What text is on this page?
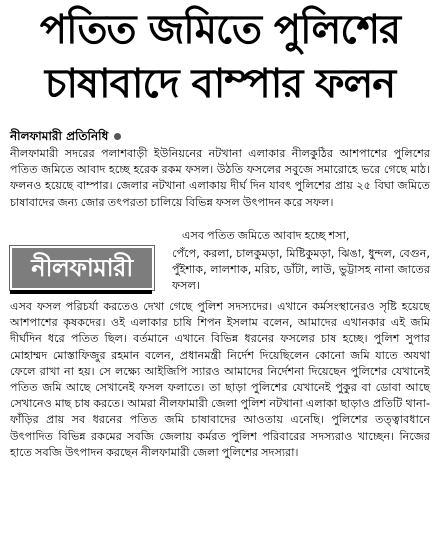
পতিত জমিতে পুলিশের
চাষাবাদে বাম্পার ফলন
নীলফামারী প্রতিনিধি
নীলফামারী সদরের পলাশবাড়ী ইউনিয়নের নটখানা এলাকার নীলকুঠির আশপাশের পুলিশের পতিত জমিতে আবাদ হচ্ছে হরেক রকম ফসল। উঠতি ফসলের সবুজে সমারোহে ভরে গেছে মাঠ। ফলনও হয়েছে বাম্পার। জেলার নটখানা এলাকায় দীর্ঘ দিন যাবৎ পুলিশের প্রায় ২৫ বিঘা জমিতে চাষাবাদের জন্য জোর তৎপরতা চালিয়ে বিভিন্ন ফসল উৎপাদন করে সফল।
এসব পতিত জমিতে আবাদ হচ্ছে শসা,
নীলফামারী
পেঁপে, করলা, চালকুমড়া, মিষ্টিকুমড়া, ঝিঙা, ধুন্দল, বেগুন, পুঁইশাক, লালশাক, মরিচ, ডাঁটা, লাউ, ভুট্টাসহ নানা জাতের ফসল।
এসব ফসল পরিচর্যা করতেও দেখা গেছে পুলিশ সদস্যদের। এখানে কর্মসংস্থানেরও সৃষ্টি হয়েছে আশপাশের কৃষকদের। ওই এলাকার চাষি শিপন ইসলাম বলেন, আমাদের এখানকার এই জমি দীর্ঘদিন ধরে পতিত ছিল। বর্তমানে এখানে বিভিন্ন ধরনের ফসলের চাষ হচ্ছে। পুলিশ সুপার মোহাম্মদ মোস্তাফিজুর রহমান বলেন, প্রধানমন্ত্রী নির্দেশ দিয়েছিলেন কোনো জমি যাতে অযথা ফেলে রাখা না হয়। সে লক্ষ্যে আইজিপি স্যারও আমাদের নির্দেশনা দিয়েছেন পুলিশের যেখানেই পতিত জমি আছে সেখানেই ফসল ফলাতে। তা ছাড়া পুলিশের যেখানেই পুকুর বা ডোবা আছে সেখানেও মাছ চাষ করতে। আমরা নীলফামারী জেলা পুলিশ নটখানা এলাকা ছাড়াও প্রতিটি থানা-ফাঁড়ির প্রায় সব ধরনের পতিত জমি চাষাবাদের আওতায় এনেছি। পুলিশের তত্ত্বাবধানে উৎপাদিত বিভিন্ন রকমের সবজি জেলায় কর্মরত পুলিশ পরিবারের সদস্যরাও খাচ্ছেন। নিজের হাতে সবজি উৎপাদন করছেন নীলফামারী জেলা পুলিশের সদস্যরা।
